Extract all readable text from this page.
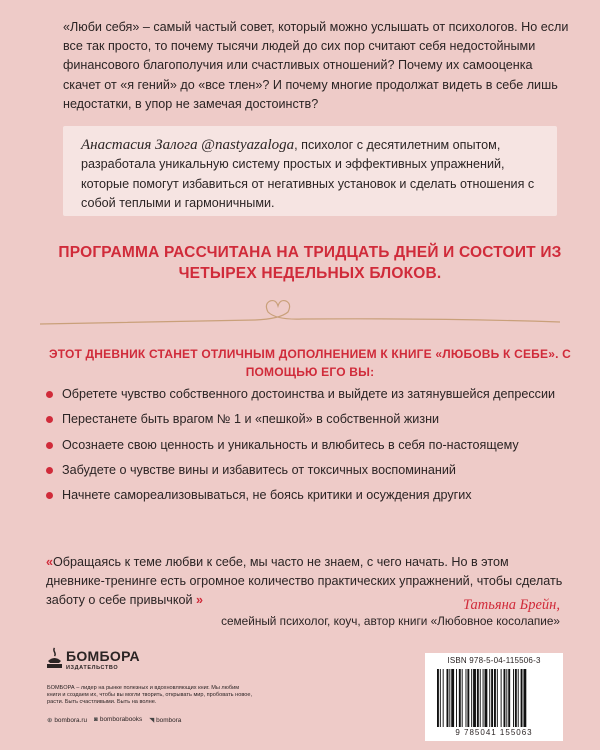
«Люби себя» – самый частый совет, который можно услышать от психологов. Но если все так просто, то почему тысячи людей до сих пор считают себя недостойными финансового благополучия или счастливых отношений? Почему их самооценка скачет от «я гений» до «все тлен»? И почему многие продолжат видеть в себе лишь недостатки, в упор не замечая достоинств?

Анастасия Залога @nastyazaloga, психолог с десятилетним опытом, разработала уникальную систему простых и эффективных упражнений, которые помогут избавиться от негативных установок и сделать отношения с собой теплыми и гармоничными.

ПРОГРАММА РАССЧИТАНА НА ТРИДЦАТЬ ДНЕЙ И СОСТОИТ ИЗ ЧЕТЫРЕХ НЕДЕЛЬНЫХ БЛОКОВ.

ЭТОТ ДНЕВНИК СТАНЕТ ОТЛИЧНЫМ ДОПОЛНЕНИЕМ К КНИГЕ «ЛЮБОВЬ К СЕБЕ». С ПОМОЩЬЮ ЕГО ВЫ:

Обретете чувство собственного достоинства и выйдете из затянувшейся депрессии
Перестанете быть врагом № 1 и «пешкой» в собственной жизни
Осознаете свою ценность и уникальность и влюбитесь в себя по-настоящему
Забудете о чувстве вины и избавитесь от токсичных воспоминаний
Начнете самореализовываться, не боясь критики и осуждения других

«Обращаясь к теме любви к себе, мы часто не знаем, с чего начать. Но в этом дневнике-тренинге есть огромное количество практических упражнений, чтобы сделать заботу о себе привычкой »	Татьяна Брейн,
семейный психолог, коуч, автор книги «Любовное косолапие»
БОМБОРА
ИЗДАТЕЛЬСТВО

БОМБОРА – лидер на рынке полезных и вдохновляющих книг. Мы любим книги и создаем их, чтобы вы могли творить, открывать мир, пробовать новое, расти. Быть счастливыми. Быть на волне.

⊕ bombora.ru ◙ bomborabooks ◥ bombora
ISBN 978-5-04-115506-3
9 785041 155063
